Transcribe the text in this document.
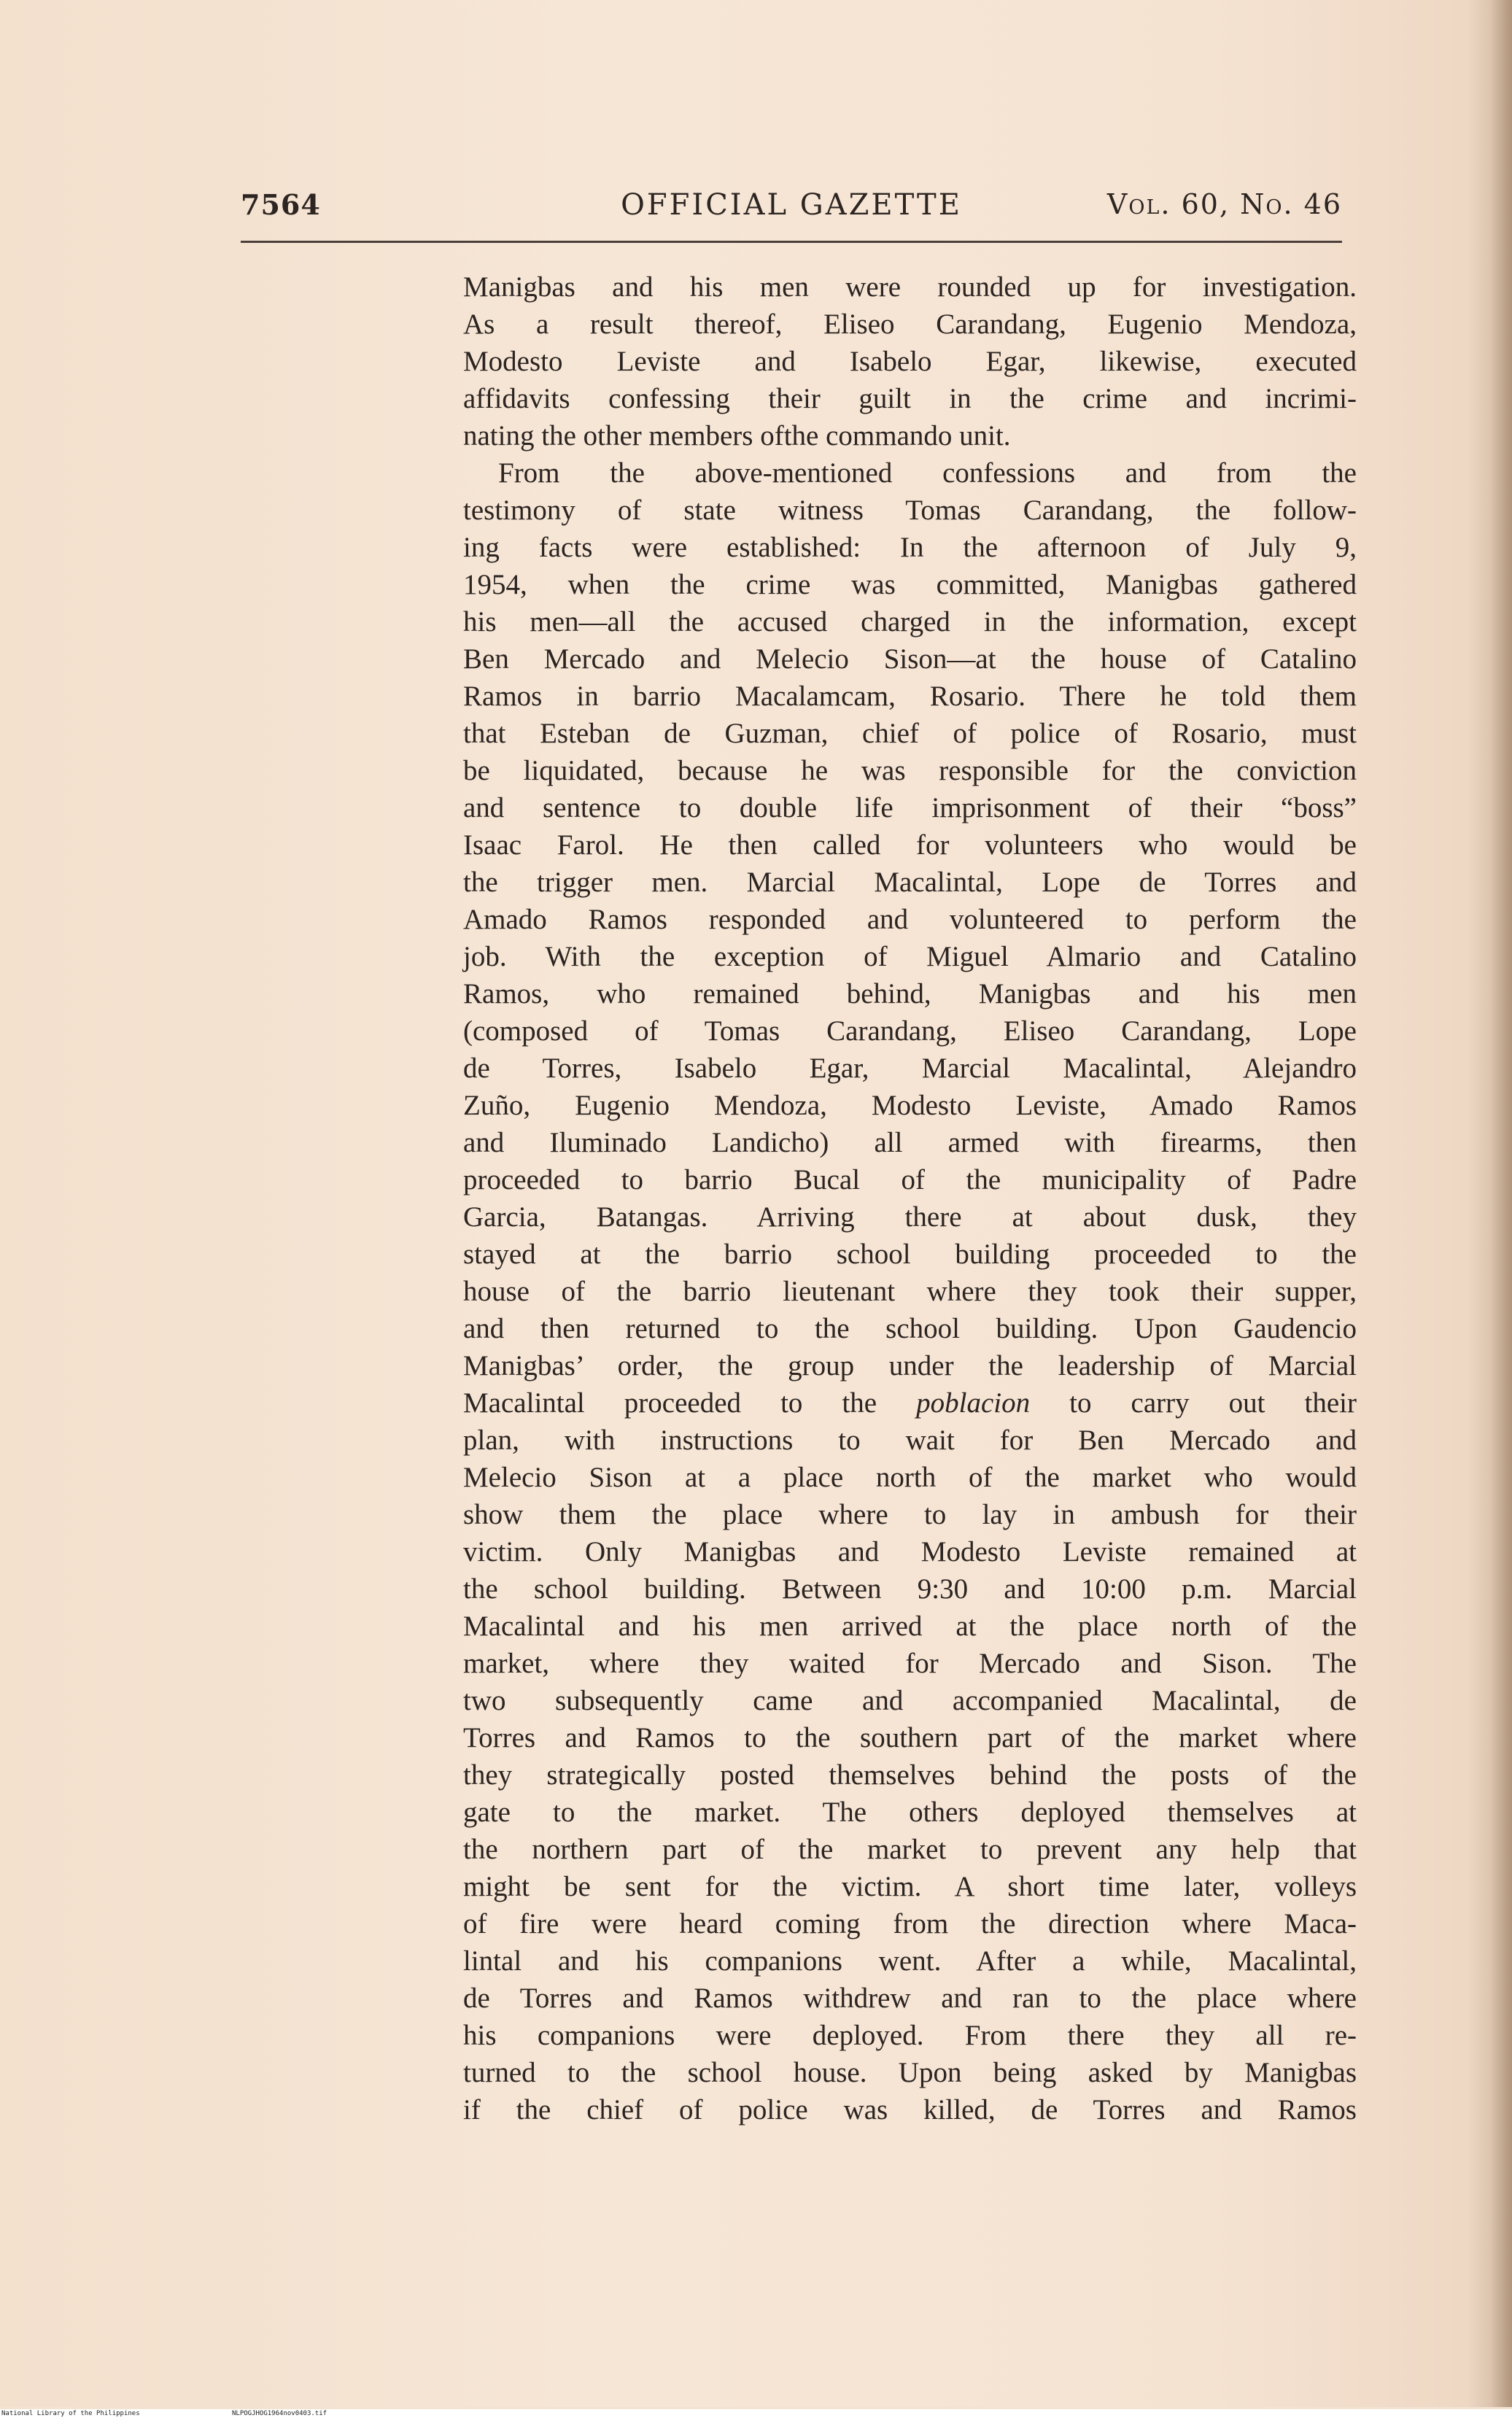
7564	OFFICIAL GAZETTE	Vol. 60, No. 46
Manigbas and his men were rounded up for investigation.
As a result thereof, Eliseo Carandang, Eugenio Mendoza,
Modesto Leviste and Isabelo Egar, likewise, executed
affidavits confessing their guilt in the crime and incrimi-
nating the other members ofthe commando unit.
From the above-mentioned confessions and from the
testimony of state witness Tomas Carandang, the follow-
ing facts were established: In the afternoon of July 9,
1954, when the crime was committed, Manigbas gathered
his men—all the accused charged in the information, except
Ben Mercado and Melecio Sison—at the house of Catalino
Ramos in barrio Macalamcam, Rosario. There he told them
that Esteban de Guzman, chief of police of Rosario, must
be liquidated, because he was responsible for the conviction
and sentence to double life imprisonment of their “boss”
Isaac Farol. He then called for volunteers who would be
the trigger men. Marcial Macalintal, Lope de Torres and
Amado Ramos responded and volunteered to perform the
job. With the exception of Miguel Almario and Catalino
Ramos, who remained behind, Manigbas and his men
(composed of Tomas Carandang, Eliseo Carandang, Lope
de Torres, Isabelo Egar, Marcial Macalintal, Alejandro
Zuño, Eugenio Mendoza, Modesto Leviste, Amado Ramos
and Iluminado Landicho) all armed with firearms, then
proceeded to barrio Bucal of the municipality of Padre
Garcia, Batangas. Arriving there at about dusk, they
stayed at the barrio school building proceeded to the
house of the barrio lieutenant where they took their supper,
and then returned to the school building. Upon Gaudencio
Manigbas’ order, the group under the leadership of Marcial
Macalintal proceeded to the poblacion to carry out their
plan, with instructions to wait for Ben Mercado and
Melecio Sison at a place north of the market who would
show them the place where to lay in ambush for their
victim. Only Manigbas and Modesto Leviste remained at
the school building. Between 9:30 and 10:00 p.m. Marcial
Macalintal and his men arrived at the place north of the
market, where they waited for Mercado and Sison. The
two subsequently came and accompanied Macalintal, de
Torres and Ramos to the southern part of the market where
they strategically posted themselves behind the posts of the
gate to the market. The others deployed themselves at
the northern part of the market to prevent any help that
might be sent for the victim. A short time later, volleys
of fire were heard coming from the direction where Maca-
lintal and his companions went. After a while, Macalintal,
de Torres and Ramos withdrew and ran to the place where
his companions were deployed. From there they all re-
turned to the school house. Upon being asked by Manigbas
if the chief of police was killed, de Torres and Ramos
National Library of the Philippines	NLPOGJHOG1964nov0403.tif
